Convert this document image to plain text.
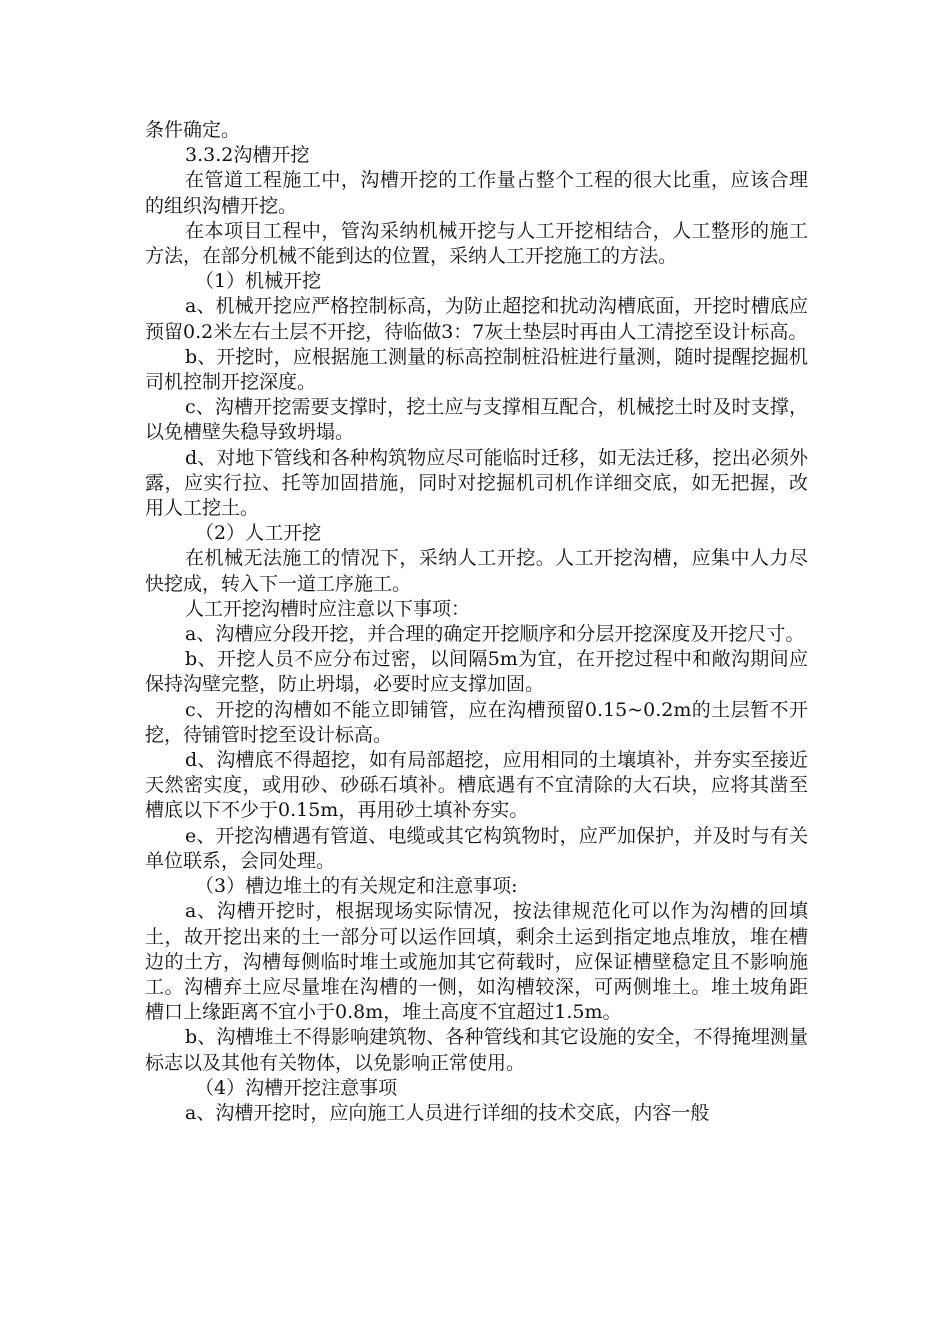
条件确定。

3.3.2沟槽开挖

在管道工程施工中，沟槽开挖的工作量占整个工程的很大比重，应该合理的组织沟槽开挖。

在本项目工程中，管沟采纳机械开挖与人工开挖相结合，人工整形的施工方法，在部分机械不能到达的位置，采纳人工开挖施工的方法。

（1）机械开挖

a、机械开挖应严格控制标高，为防止超挖和扰动沟槽底面，开挖时槽底应预留0.2米左右土层不开挖，待临做3：7灰土垫层时再由人工清挖至设计标高。

b、开挖时，应根据施工测量的标高控制桩沿桩进行量测，随时提醒挖掘机司机控制开挖深度。

c、沟槽开挖需要支撑时，挖土应与支撑相互配合，机械挖土时及时支撑，以免槽壁失稳导致坍塌。

d、对地下管线和各种构筑物应尽可能临时迁移，如无法迁移，挖出必须外露，应实行拉、托等加固措施，同时对挖掘机司机作详细交底，如无把握，改用人工挖土。

（2）人工开挖

在机械无法施工的情况下，采纳人工开挖。人工开挖沟槽，应集中人力尽快挖成，转入下一道工序施工。

人工开挖沟槽时应注意以下事项：

a、沟槽应分段开挖，并合理的确定开挖顺序和分层开挖深度及开挖尺寸。

b、开挖人员不应分布过密，以间隔5m为宜，在开挖过程中和敞沟期间应保持沟壁完整，防止坍塌，必要时应支撑加固。

c、开挖的沟槽如不能立即铺管，应在沟槽预留0.15~0.2m的土层暂不开挖，待铺管时挖至设计标高。

d、沟槽底不得超挖，如有局部超挖，应用相同的土壤填补，并夯实至接近天然密实度，或用砂、砂砾石填补。槽底遇有不宜清除的大石块，应将其凿至槽底以下不少于0.15m，再用砂土填补夯实。

e、开挖沟槽遇有管道、电缆或其它构筑物时，应严加保护，并及时与有关单位联系，会同处理。

（3）槽边堆土的有关规定和注意事项:

a、沟槽开挖时，根据现场实际情况，按法律规范化可以作为沟槽的回填土，故开挖出来的土一部分可以运作回填，剩余土运到指定地点堆放，堆在槽边的土方，沟槽每侧临时堆土或施加其它荷载时，应保证槽壁稳定且不影响施工。沟槽弃土应尽量堆在沟槽的一侧，如沟槽较深，可两侧堆土。堆土坡角距槽口上缘距离不宜小于0.8m，堆土高度不宜超过1.5m。

b、沟槽堆土不得影响建筑物、各种管线和其它设施的安全，不得掩埋测量标志以及其他有关物体，以免影响正常使用。

（4）沟槽开挖注意事项

a、沟槽开挖时，应向施工人员进行详细的技术交底，内容一般
